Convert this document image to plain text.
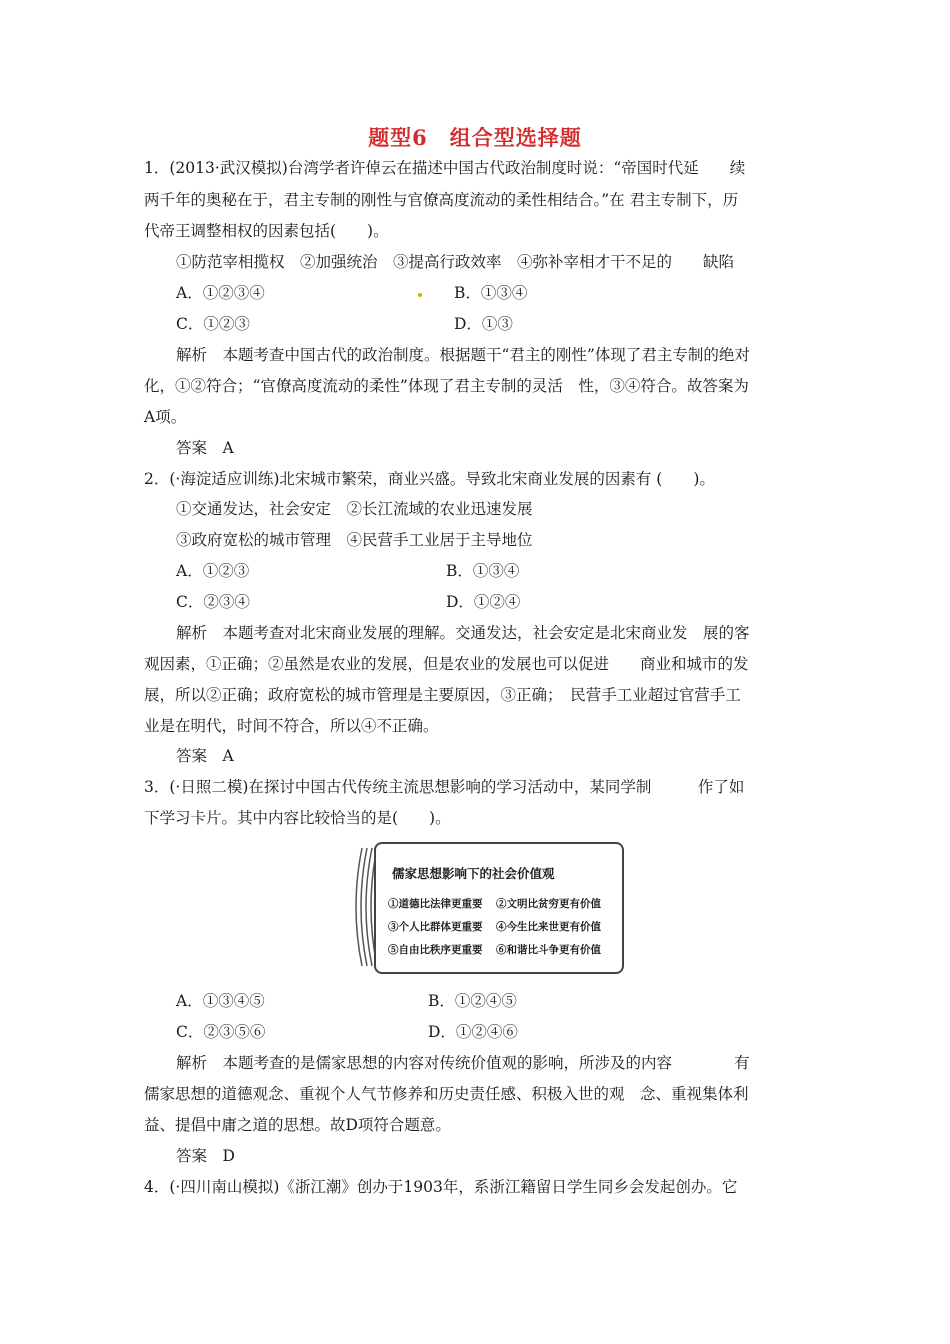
题型6　组合型选择题
1．(2013·武汉模拟)台湾学者许倬云在描述中国古代政治制度时说：“帝国时代延　　续
两千年的奥秘在于，君主专制的刚性与官僚高度流动的柔性相结合。”在 君主专制下，历
代帝王调整相权的因素包括(　　)。
①防范宰相揽权　②加强统治　③提高行政效率　④弥补宰相才干不足的　　缺陷
A．①②③④	B．①③④
C．①②③	D．①③
解析　本题考查中国古代的政治制度。根据题干“君主的刚性”体现了君主专制的绝对
化，①②符合；“官僚高度流动的柔性”体现了君主专制的灵活　性，③④符合。故答案为
A项。
答案　A
2．(·海淀适应训练)北宋城市繁荣，商业兴盛。导致北宋商业发展的因素有 (　　)。
①交通发达，社会安定　②长江流域的农业迅速发展
③政府宽松的城市管理　④民营手工业居于主导地位
A．①②③	B．①③④
C．②③④	D．①②④
解析　本题考查对北宋商业发展的理解。交通发达，社会安定是北宋商业发　展的客
观因素，①正确；②虽然是农业的发展，但是农业的发展也可以促进　　商业和城市的发
展，所以②正确；政府宽松的城市管理是主要原因，③正确；　民营手工业超过官营手工
业是在明代，时间不符合，所以④不正确。
答案　A
3．(·日照二模)在探讨中国古代传统主流思想影响的学习活动中，某同学制　　　作了如
下学习卡片。其中内容比较恰当的是(　　)。
儒家思想影响下的社会价值观
①道德比法律更重要 ②文明比贫穷更有价值
③个人比群体更重要 ④今生比来世更有价值
⑤自由比秩序更重要 ⑥和谐比斗争更有价值
A．①③④⑤	B．①②④⑤
C．②③⑤⑥	D．①②④⑥
解析　本题考查的是儒家思想的内容对传统价值观的影响，所涉及的内容　　　　有
儒家思想的道德观念、重视个人气节修养和历史责任感、积极入世的观　念、重视集体利
益、提倡中庸之道的思想。故D项符合题意。
答案　D
4．(·四川南山模拟)《浙江潮》创办于1903年，系浙江籍留日学生同乡会发起创办。它
